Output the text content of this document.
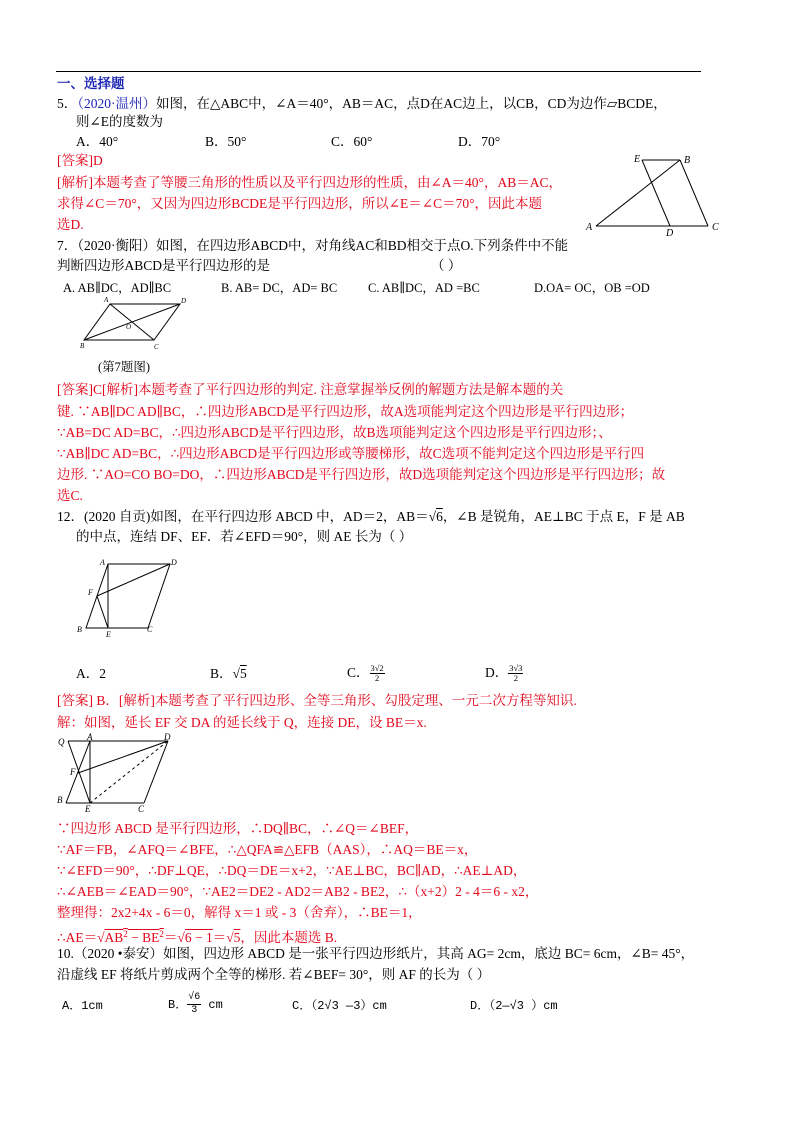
一、选择题
5．（2020·温州）如图，在△ABC中，∠A＝40°，AB＝AC，点D在AC边上，以CB，CD为边作▱BCDE，
则∠E的度数为
A．40°	B．50°	C．60°	D．70°
[答案]D
[解析]本题考查了等腰三角形的性质以及平行四边形的性质，由∠A＝40°，AB＝AC，
求得∠C＝70°，又因为四边形BCDE是平行四边形，所以∠E＝∠C＝70°，因此本题
选D.
E	B
A
D
C
7．（2020·衡阳）如图，在四边形ABCD中，对角线AC和BD相交于点O.下列条件中不能
判断四边形ABCD是平行四边形的是	（ ）
A. AB∥DC，AD∥BC	B. AB= DC，AD= BC C. AB∥DC，AD =BC	D.OA= OC，OB =OD
A	D
O
B	C
(第7题图)
[答案]C[解析]本题考查了平行四边形的判定. 注意掌握举反例的解题方法是解本题的关
键. ∵AB∥DC AD∥BC，∴四边形ABCD是平行四边形，故A选项能判定这个四边形是平行四边形；
∵AB=DC AD=BC，∴四边形ABCD是平行四边形，故B选项能判定这个四边形是平行四边形；、
∵AB∥DC AD=BC，∴四边形ABCD是平行四边形或等腰梯形，故C选项不能判定这个四边形是平行四
边形. ∵AO=CO BO=DO，∴四边形ABCD是平行四边形，故D选项能判定这个四边形是平行四边形；故
选C.
12．(2020 自贡)如图，在平行四边形 ABCD 中，AD＝2，AB＝√6，∠B 是锐角，AE⊥BC 于点 E，F 是 AB
的中点，连结 DF、EF．若∠EFD＝90°，则 AE 长为（ ）
A	D
F
B
E
C
A．2	B．√5	C． $\frac{3√2}{2}$	D． $\frac{3√3}{2}$
[答案] B．[解析]本题考查了平行四边形、全等三角形、勾股定理、一元二次方程等知识.
解：如图，延长 EF 交 DA 的延长线于 Q，连接 DE，设 BE＝x.
Q	A	D
F
B
E	C
∵四边形 ABCD 是平行四边形，∴DQ∥BC，∴∠Q＝∠BEF，
∵AF＝FB，∠AFQ＝∠BFE，∴△QFA≌△EFB（AAS），∴AQ＝BE＝x，
∵∠EFD＝90°，∴DF⊥QE，∴DQ＝DE＝x+2，∵AE⊥BC，BC∥AD，∴AE⊥AD，
∴∠AEB＝∠EAD＝90°，∵AE2＝DE2 - AD2＝AB2 - BE2，∴（x+2）2 - 4＝6 - x2，
整理得：2x2+4x - 6＝0，解得 x＝1 或 - 3（舍弃），∴BE＝1，
$\therefore AE=√AB^2 - BE^2=√6 - 1=√5$，因此本题选 B.
10.（2020 •泰安）如图，四边形 ABCD 是一张平行四边形纸片，其高 AG= 2cm，底边 BC= 6cm，∠B= 45°，
沿虚线 EF 将纸片剪成两个全等的梯形. 若∠BEF= 30°，则 AF 的长为（ ）
A．1cm	B． $\frac{√6}{3}$ cm	C．（2√3 —3）cm	D．（2—√3 ）cm
